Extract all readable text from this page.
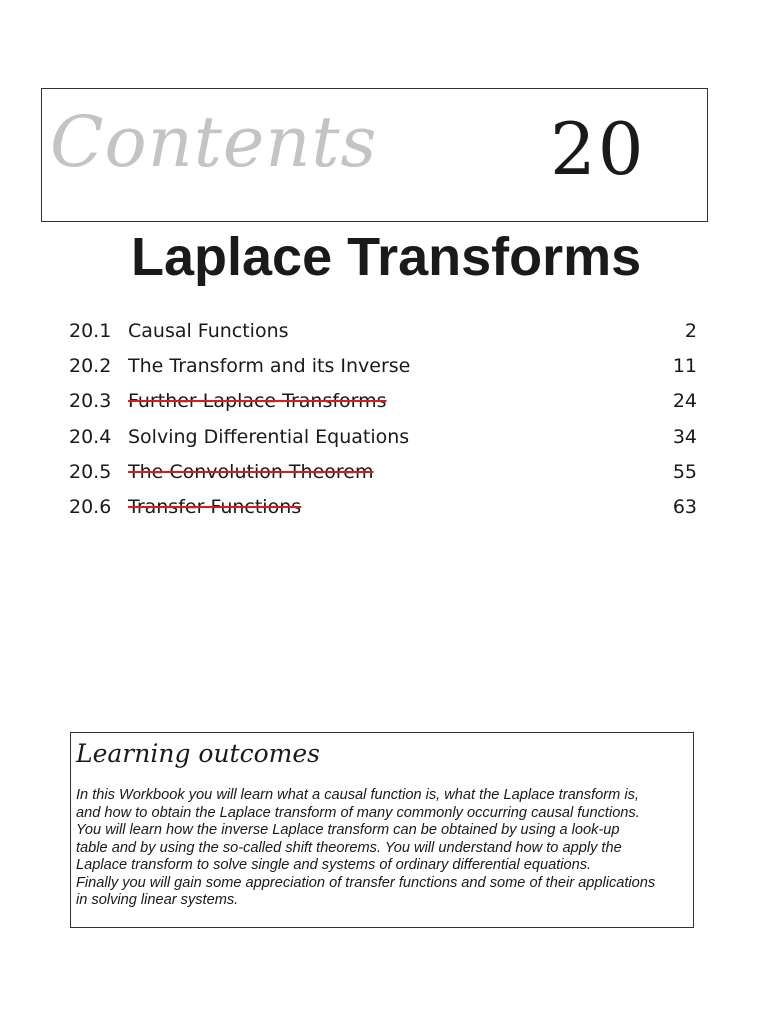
Contents 20
Laplace Transforms
20.1 Causal Functions	2
20.2 The Transform and its Inverse	11
20.3 Further Laplace Transforms	24
20.4 Solving Differential Equations	34
20.5 The Convolution Theorem	55
20.6 Transfer Functions	63
Learning outcomes

In this Workbook you will learn what a causal function is, what the Laplace transform is,
and how to obtain the Laplace transform of many commonly occurring causal functions.
You will learn how the inverse Laplace transform can be obtained by using a look-up
table and by using the so-called shift theorems. You will understand how to apply the
Laplace transform to solve single and systems of ordinary differential equations.
Finally you will gain some appreciation of transfer functions and some of their applications
in solving linear systems.
